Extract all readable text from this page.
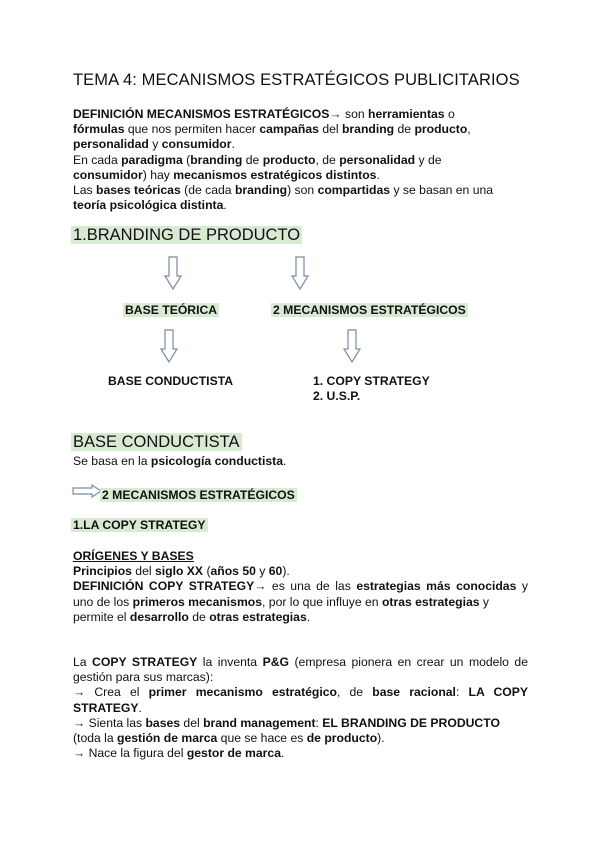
TEMA 4: MECANISMOS ESTRATÉGICOS PUBLICITARIOS

DEFINICIÓN MECANISMOS ESTRATÉGICOS→ son herramientas o

fórmulas que nos permiten hacer campañas del branding de producto,

personalidad y consumidor.

En cada paradigma (branding de producto, de personalidad y de

consumidor) hay mecanismos estratégicos distintos.

Las bases teóricas (de cada branding) son compartidas y se basan en una

teoría psicológica distinta.

1.BRANDING DE PRODUCTO
BASE TEÓRICA	2 MECANISMOS ESTRATÉGICOS
BASE CONDUCTISTA	1. COPY STRATEGY

2. U.S.P.

BASE CONDUCTISTA
Se basa en la psicología conductista.
2 MECANISMOS ESTRATÉGICOS
1.LA COPY STRATEGY

ORÍGENES Y BASES

Principios del siglo XX (años 50 y 60).

DEFINICIÓN COPY STRATEGY→ es una de las estrategias más conocidas y uno de los primeros mecanismos, por lo que influye en otras estrategias y

permite el desarrollo de otras estrategias.

La COPY STRATEGY la inventa P&G (empresa pionera en crear un modelo de gestión para sus marcas):

→ Crea el primer mecanismo estratégico, de base racional: LA COPY STRATEGY.

→ Sienta las bases del brand management: EL BRANDING DE PRODUCTO

(toda la gestión de marca que se hace es de producto).

→ Nace la figura del gestor de marca.
